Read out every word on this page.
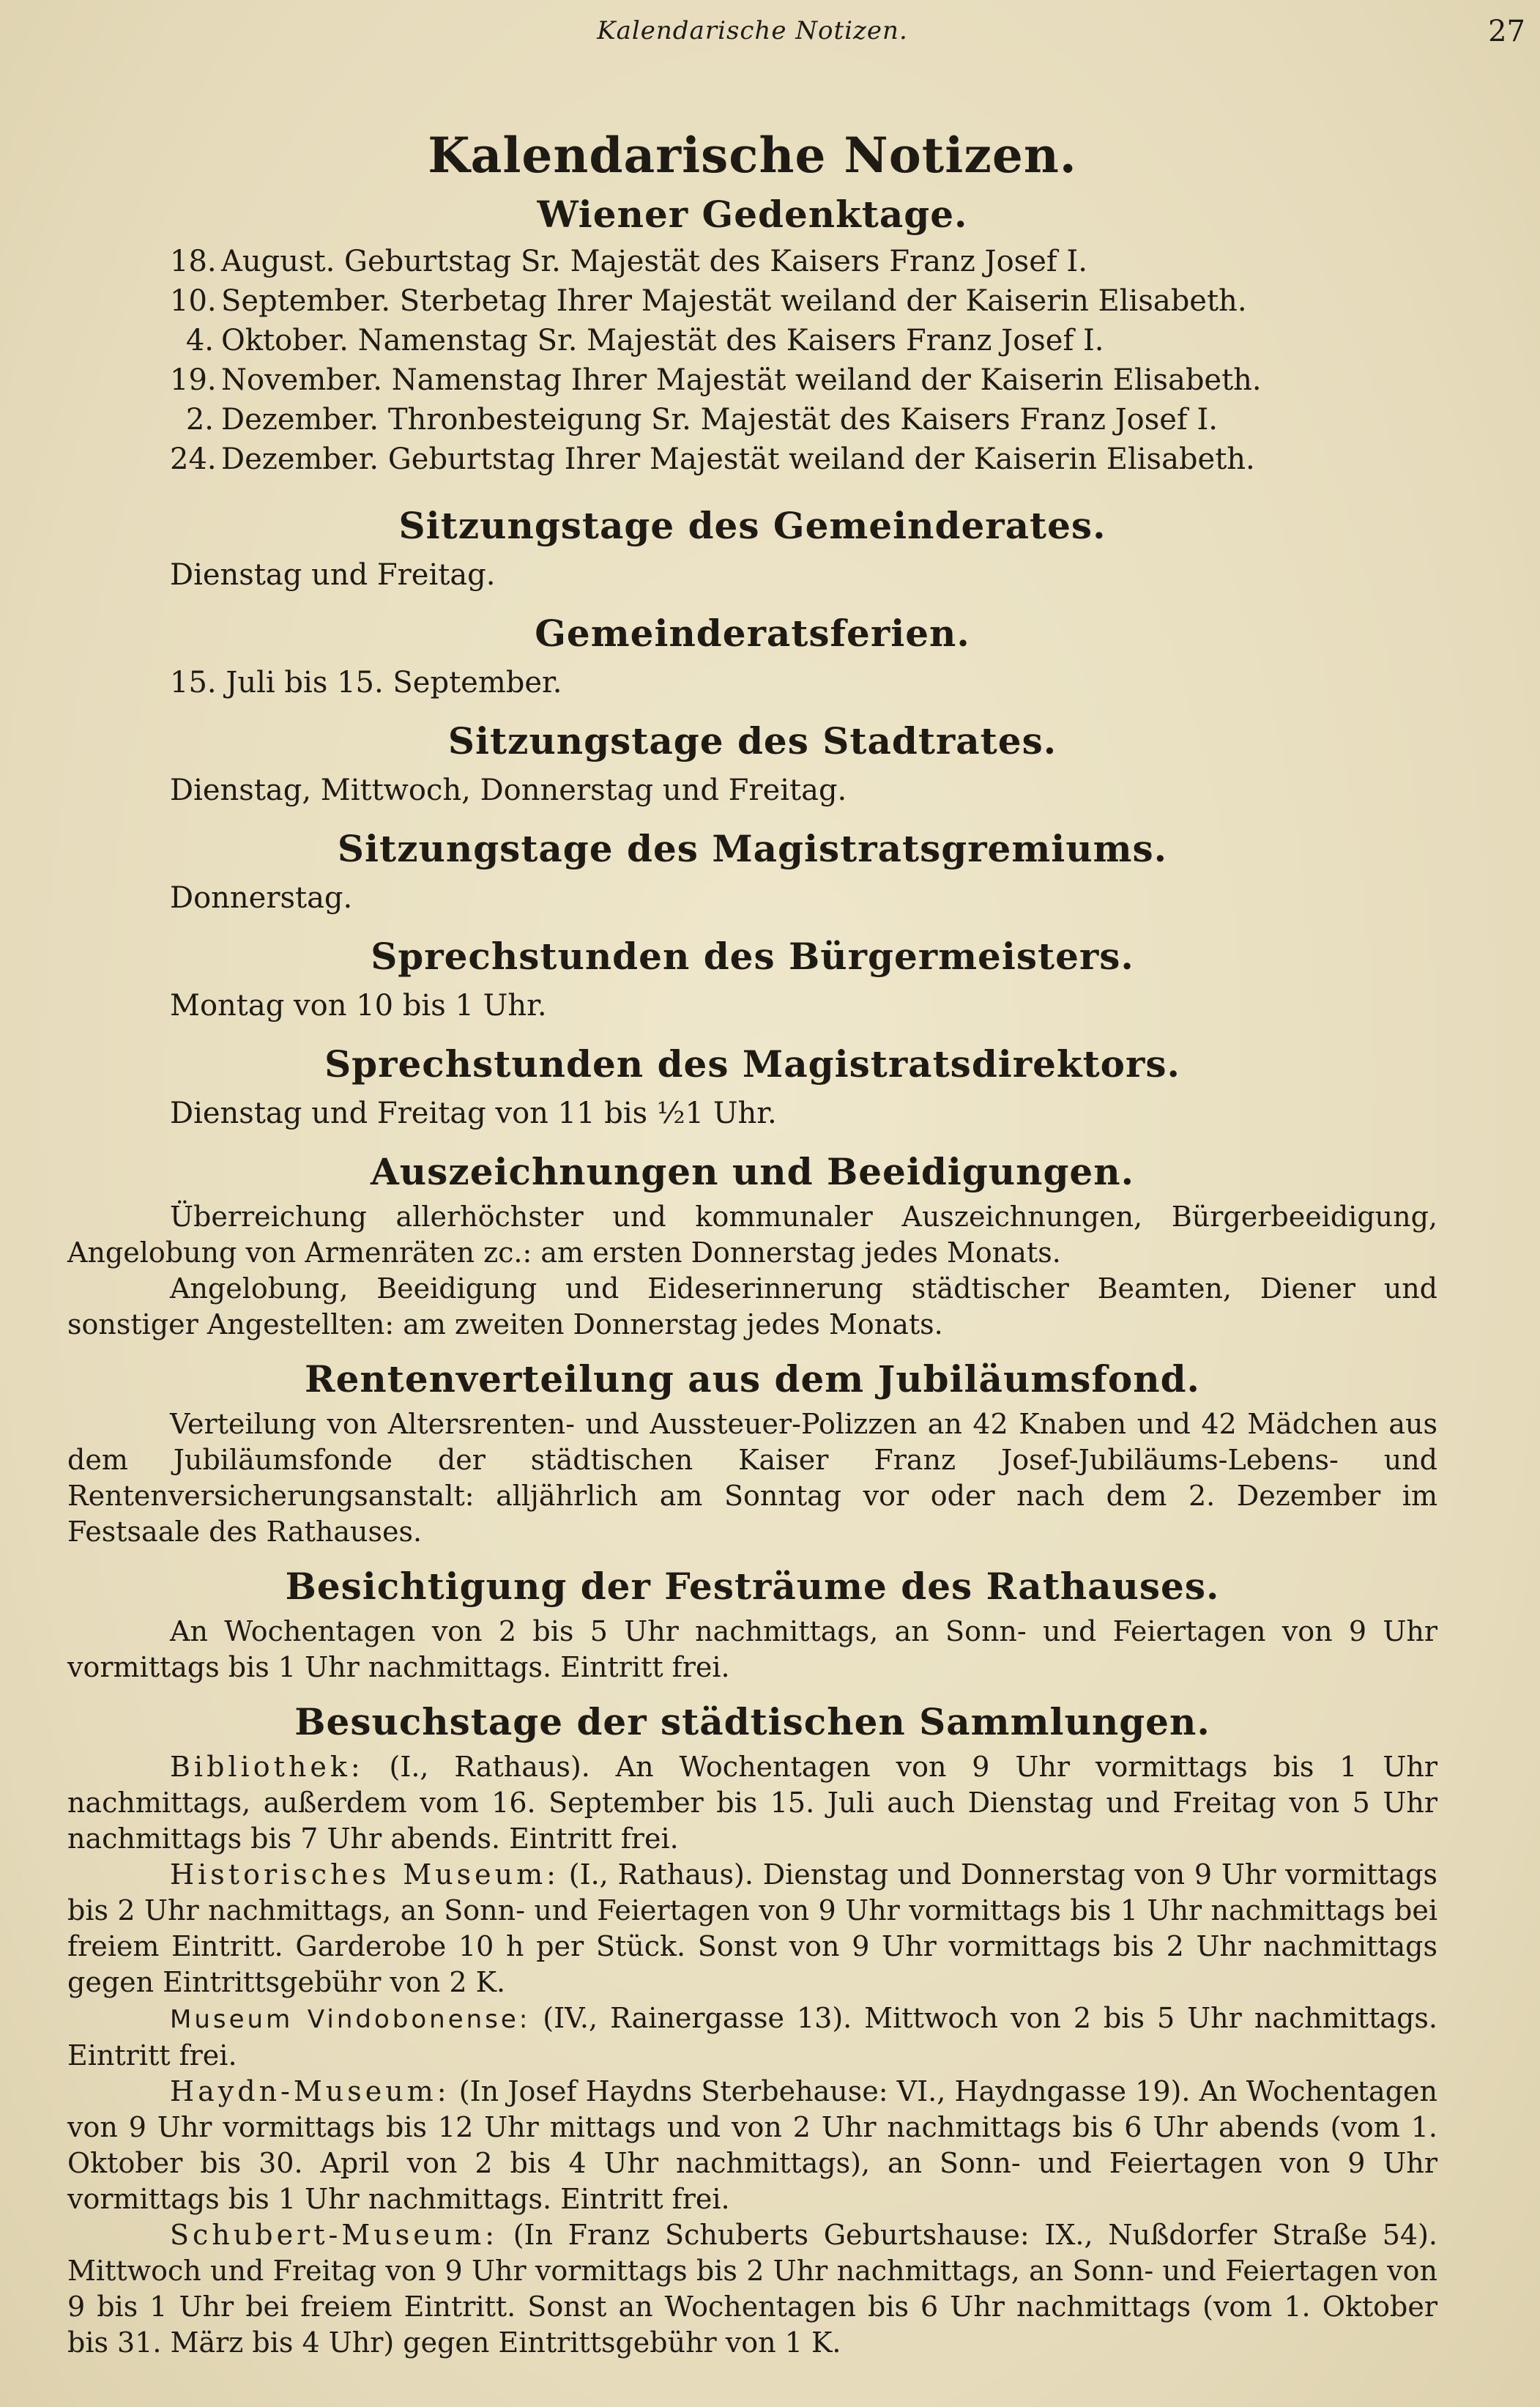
Kalendarische Notizen.	27
Kalendarische Notizen.
Wiener Gedenktage.
18. August. Geburtstag Sr. Majestät des Kaisers Franz Josef I.
10. September. Sterbetag Ihrer Majestät weiland der Kaiserin Elisabeth.
4. Oktober. Namenstag Sr. Majestät des Kaisers Franz Josef I.
19. November. Namenstag Ihrer Majestät weiland der Kaiserin Elisabeth.
2. Dezember. Thronbesteigung Sr. Majestät des Kaisers Franz Josef I.
24. Dezember. Geburtstag Ihrer Majestät weiland der Kaiserin Elisabeth.
Sitzungstage des Gemeinderates.

Dienstag und Freitag.

Gemeinderatsferien.

15. Juli bis 15. September.

Sitzungstage des Stadtrates.

Dienstag, Mittwoch, Donnerstag und Freitag.

Sitzungstage des Magistratsgremiums.

Donnerstag.

Sprechstunden des Bürgermeisters.

Montag von 10 bis 1 Uhr.

Sprechstunden des Magistratsdirektors.

Dienstag und Freitag von 11 bis ½1 Uhr.

Auszeichnungen und Beeidigungen.

Überreichung allerhöchster und kommunaler Auszeichnungen, Bürgerbeeidigung, Angelobung von Armenräten zc.: am ersten Donnerstag jedes Monats.

Angelobung, Beeidigung und Eideserinnerung städtischer Beamten, Diener und sonstiger Angestellten: am zweiten Donnerstag jedes Monats.

Rentenverteilung aus dem Jubiläumsfond.

Verteilung von Altersrenten- und Aussteuer-Polizzen an 42 Knaben und 42 Mädchen aus dem Jubiläumsfonde der städtischen Kaiser Franz Josef-Jubiläums-Lebens- und Rentenversicherungsanstalt: alljährlich am Sonntag vor oder nach dem 2. Dezember im Festsaale des Rathauses.

Besichtigung der Festräume des Rathauses.

An Wochentagen von 2 bis 5 Uhr nachmittags, an Sonn- und Feiertagen von 9 Uhr vormittags bis 1 Uhr nachmittags. Eintritt frei.

Besuchstage der städtischen Sammlungen.

Bibliothek: (I., Rathaus). An Wochentagen von 9 Uhr vormittags bis 1 Uhr nachmittags, außerdem vom 16. September bis 15. Juli auch Dienstag und Freitag von 5 Uhr nachmittags bis 7 Uhr abends. Eintritt frei.

Historisches Museum: (I., Rathaus). Dienstag und Donnerstag von 9 Uhr vormittags bis 2 Uhr nachmittags, an Sonn- und Feiertagen von 9 Uhr vormittags bis 1 Uhr nachmittags bei freiem Eintritt. Garderobe 10 h per Stück. Sonst von 9 Uhr vormittags bis 2 Uhr nachmittags gegen Eintrittsgebühr von 2 K.

Museum Vindobonense: (IV., Rainergasse 13). Mittwoch von 2 bis 5 Uhr nachmittags. Eintritt frei.

Haydn-Museum: (In Josef Haydns Sterbehause: VI., Haydngasse 19). An Wochentagen von 9 Uhr vormittags bis 12 Uhr mittags und von 2 Uhr nachmittags bis 6 Uhr abends (vom 1. Oktober bis 30. April von 2 bis 4 Uhr nachmittags), an Sonn- und Feiertagen von 9 Uhr vormittags bis 1 Uhr nachmittags. Eintritt frei.

Schubert-Museum: (In Franz Schuberts Geburtshause: IX., Nußdorfer Straße 54). Mittwoch und Freitag von 9 Uhr vormittags bis 2 Uhr nachmittags, an Sonn- und Feiertagen von 9 bis 1 Uhr bei freiem Eintritt. Sonst an Wochentagen bis 6 Uhr nachmittags (vom 1. Oktober bis 31. März bis 4 Uhr) gegen Eintrittsgebühr von 1 K.
